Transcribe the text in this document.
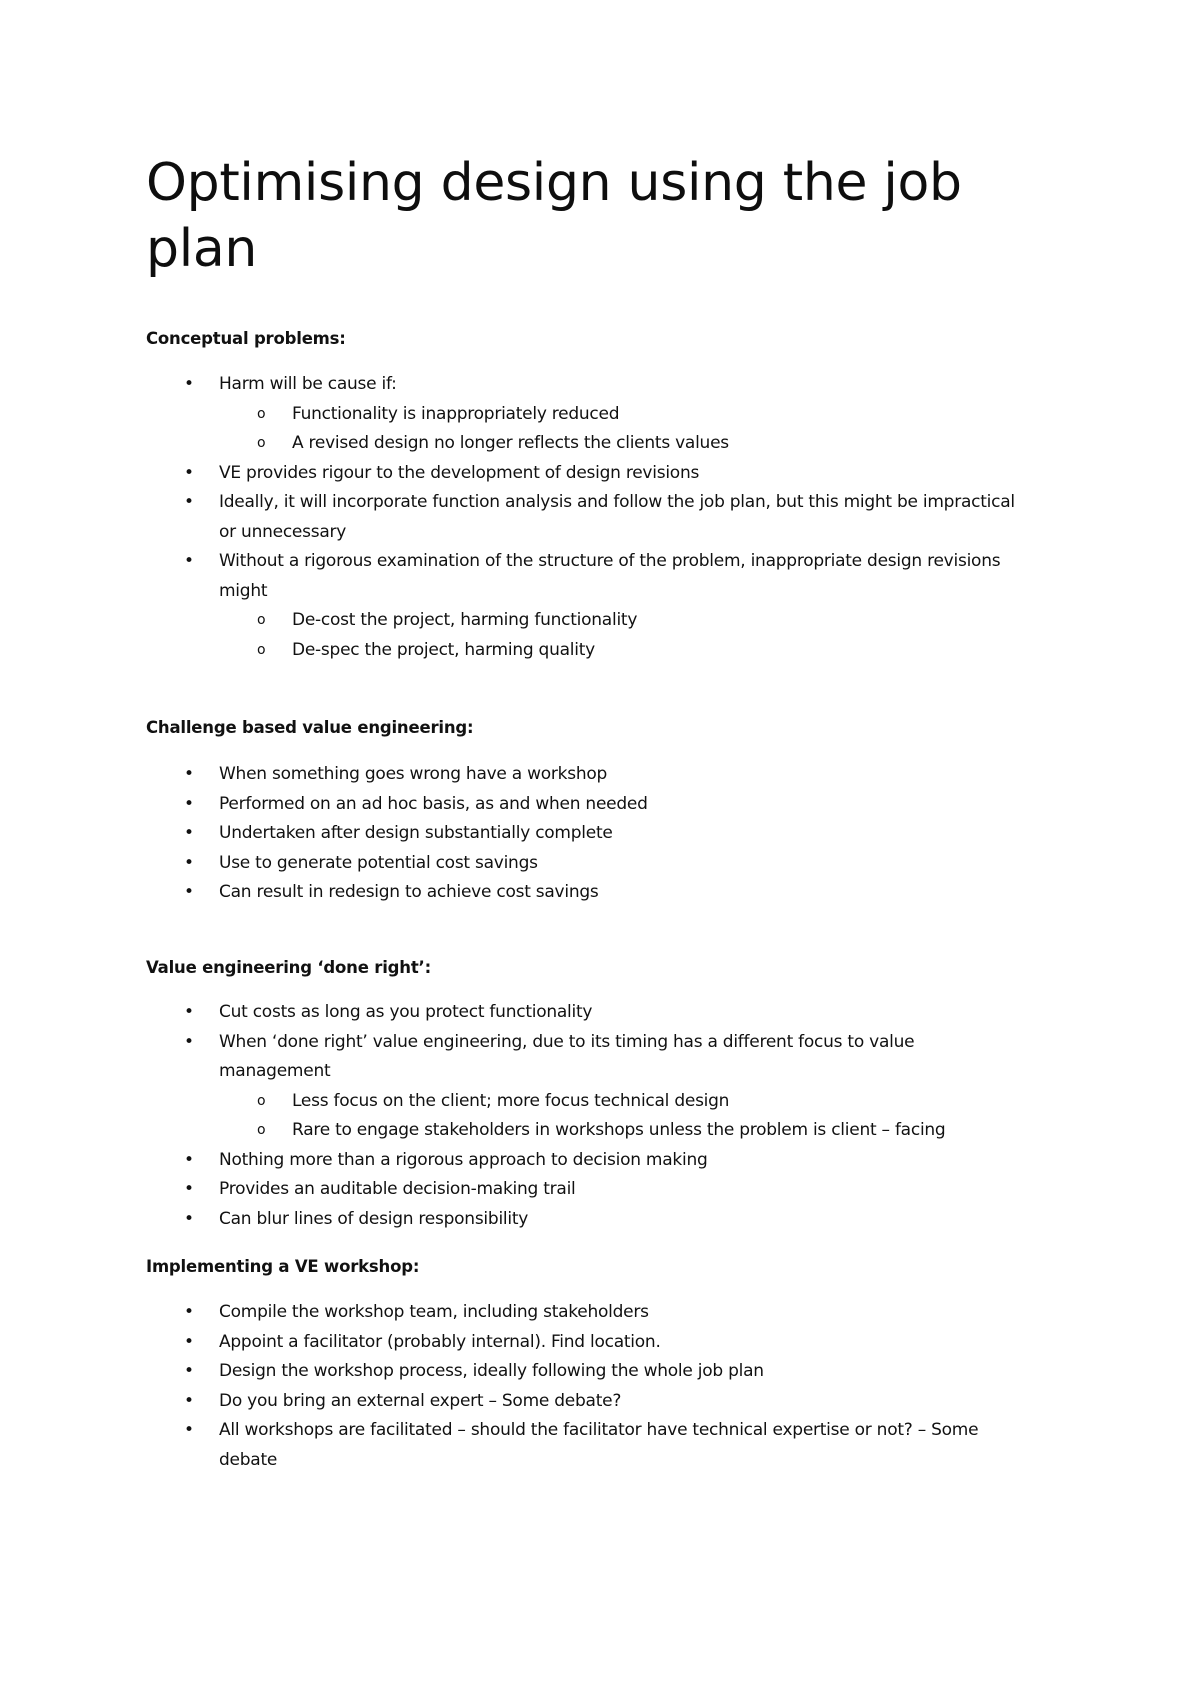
Optimising design using the job plan
Conceptual problems:
• Harm will be cause if:
o Functionality is inappropriately reduced
o A revised design no longer reflects the clients values
• VE provides rigour to the development of design revisions
• Ideally, it will incorporate function analysis and follow the job plan, but this might be impractical or unnecessary
• Without a rigorous examination of the structure of the problem, inappropriate design revisions might
o De-cost the project, harming functionality
o De-spec the project, harming quality
Challenge based value engineering:
• When something goes wrong have a workshop
• Performed on an ad hoc basis, as and when needed
• Undertaken after design substantially complete
• Use to generate potential cost savings
• Can result in redesign to achieve cost savings
Value engineering ‘done right’:
• Cut costs as long as you protect functionality
• When ‘done right’ value engineering, due to its timing has a different focus to value management
o Less focus on the client; more focus technical design
o Rare to engage stakeholders in workshops unless the problem is client – facing
• Nothing more than a rigorous approach to decision making
• Provides an auditable decision-making trail
• Can blur lines of design responsibility
Implementing a VE workshop:
• Compile the workshop team, including stakeholders
• Appoint a facilitator (probably internal). Find location.
• Design the workshop process, ideally following the whole job plan
• Do you bring an external expert – Some debate?
• All workshops are facilitated – should the facilitator have technical expertise or not? – Some debate
